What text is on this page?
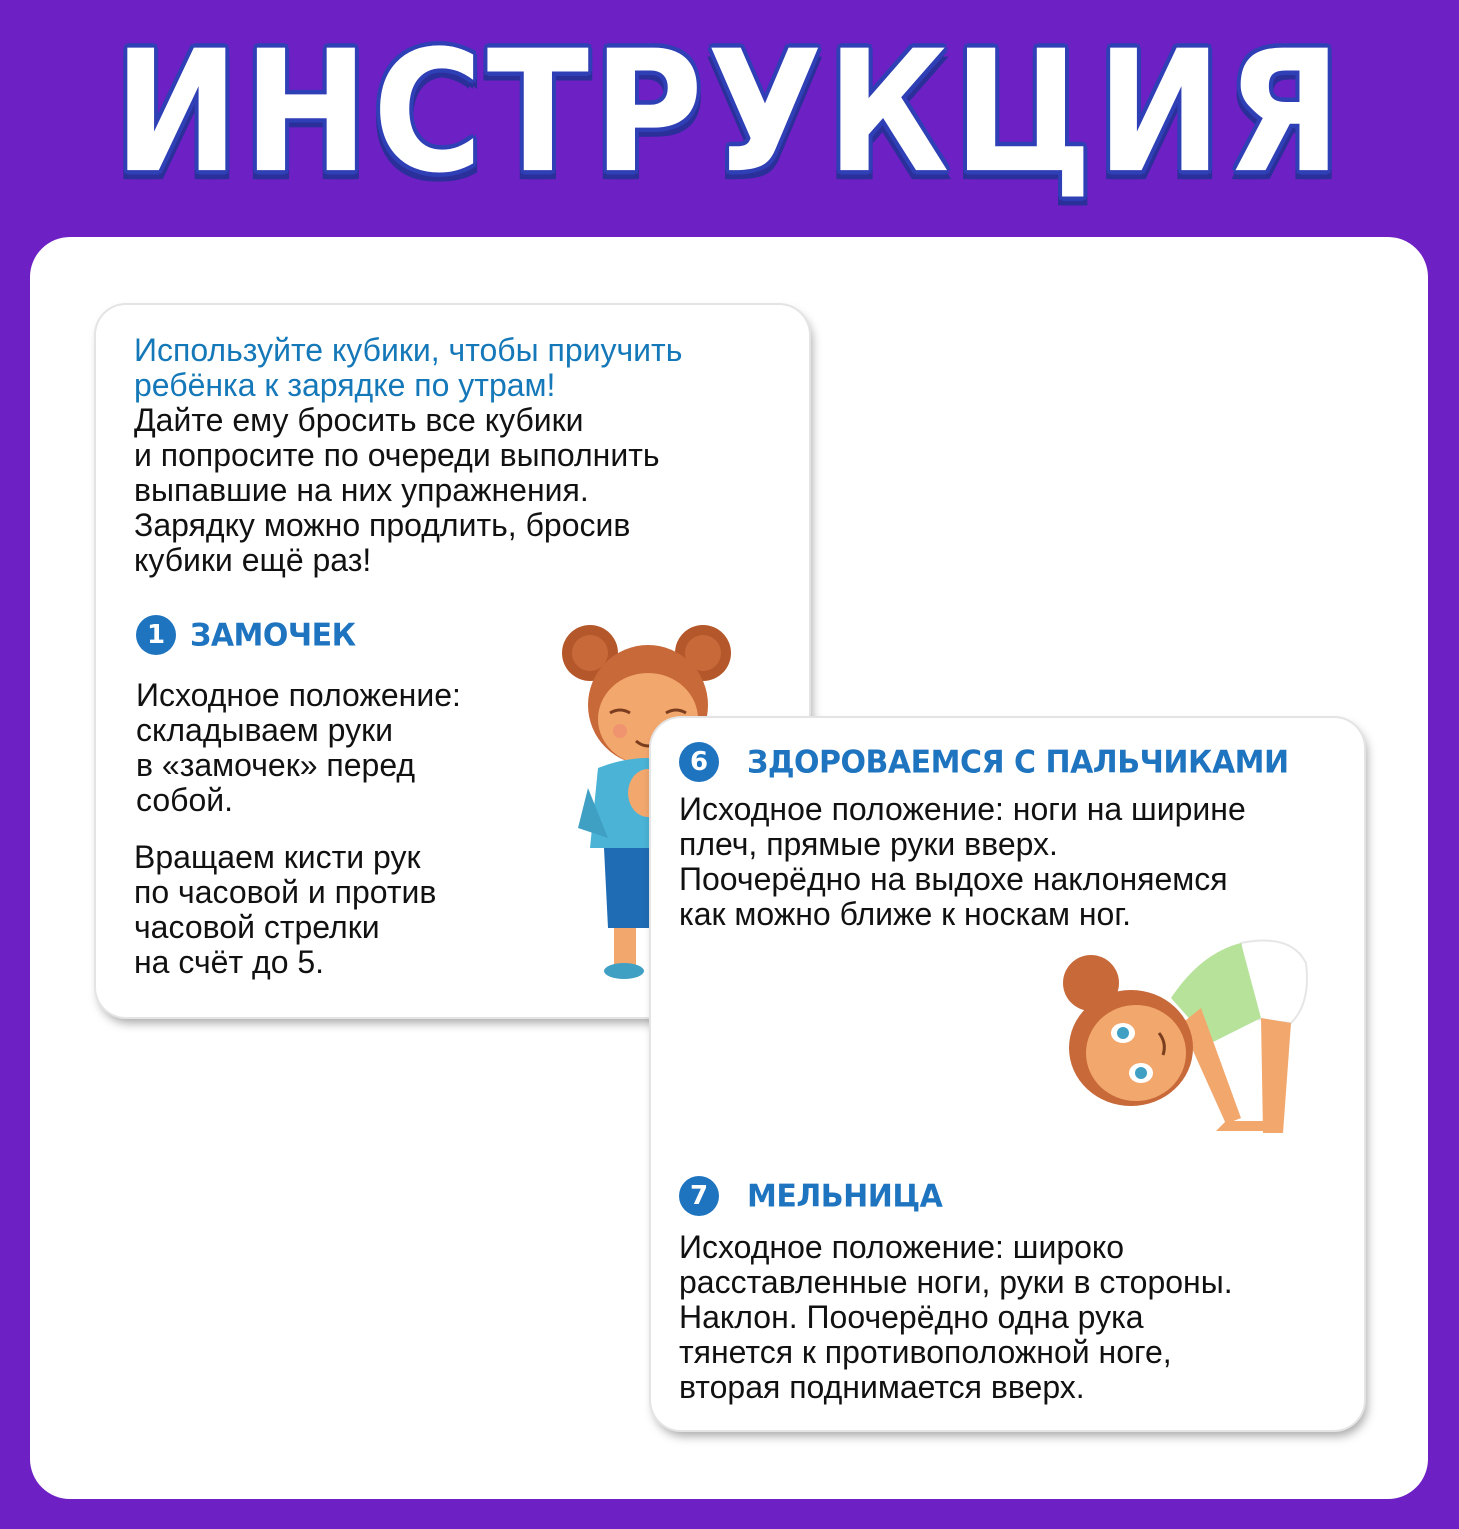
ИНСТРУКЦИЯ
Используйте кубики, чтобы приучить
ребёнка к зарядке по утрам!
Дайте ему бросить все кубики
и попросите по очереди выполнить
выпавшие на них упражнения.
Зарядку можно продлить, бросив
кубики ещё раз!
1 ЗАМОЧЕК
Исходное положение:
складываем руки
в «замочек» перед
собой.
Вращаем кисти рук
по часовой и против
часовой стрелки
на счёт до 5.
6	ЗДОРОВАЕМСЯ С ПАЛЬЧИКАМИ
Исходное положение: ноги на ширине
плеч, прямые руки вверх.
Поочерёдно на выдохе наклоняемся
как можно ближе к носкам ног.
7	МЕЛЬНИЦА
Исходное положение: широко
расставленные ноги, руки в стороны.
Наклон. Поочерёдно одна рука
тянется к противоположной ноге,
вторая поднимается вверх.
